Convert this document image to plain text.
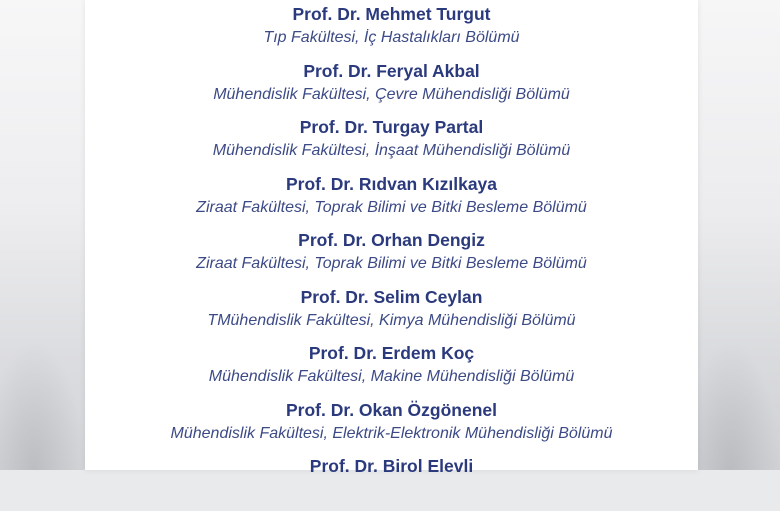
Prof. Dr. Mehmet Turgut
Tıp Fakültesi, İç Hastalıkları Bölümü
Prof. Dr. Feryal Akbal
Mühendislik Fakültesi, Çevre Mühendisliği Bölümü
Prof. Dr. Turgay Partal
Mühendislik Fakültesi, İnşaat Mühendisliği Bölümü
Prof. Dr. Rıdvan Kızılkaya
Ziraat Fakültesi, Toprak Bilimi ve Bitki Besleme Bölümü
Prof. Dr. Orhan Dengiz
Ziraat Fakültesi, Toprak Bilimi ve Bitki Besleme Bölümü
Prof. Dr. Selim Ceylan
TMühendislik Fakültesi, Kimya Mühendisliği Bölümü
Prof. Dr. Erdem Koç
Mühendislik Fakültesi, Makine Mühendisliği Bölümü
Prof. Dr. Okan Özgönenel
Mühendislik Fakültesi, Elektrik-Elektronik Mühendisliği Bölümü
Prof. Dr. Birol Elevli
